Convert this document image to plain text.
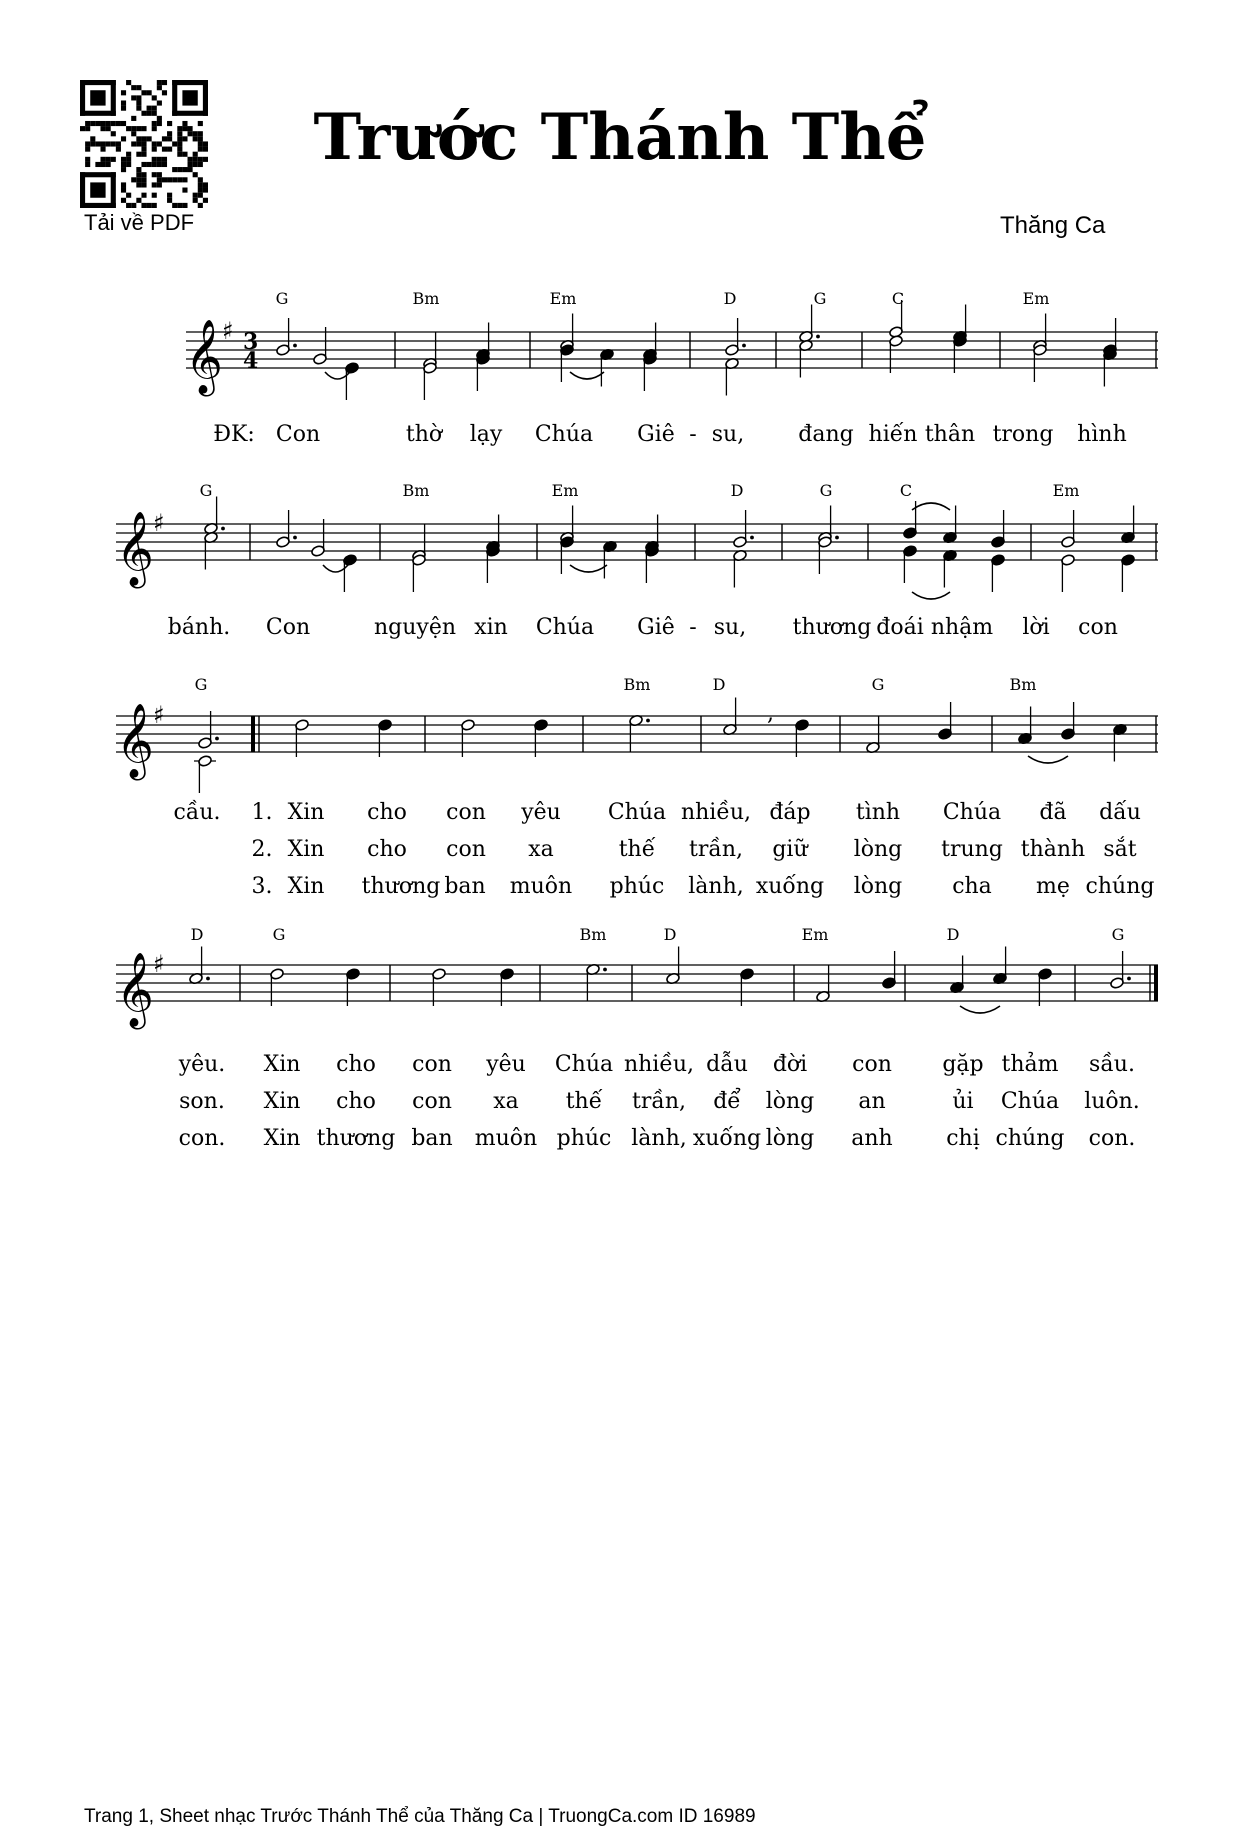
Tải về PDF
Trước Thánh Thể
Thăng Ca
𝄞 ♯ 3
4
G	Bm	Em	D	G	C	Em
ĐK: Con	thờ lạy Chúa Giê - su, đang hiến thân trong hình
𝄞 ♯
G	Bm	Em	D	G	C	Em
bánh. Con	nguyện xin Chúa Giê - su, thương đoái nhậm lời con
𝄞 ♯
G	Bm	D	G	Bm
,
cầu. 1. Xin cho con yêu Chúa nhiều, đáp tình Chúa đã dấu
2. Xin cho con xa	thế trần, giữ lòng trung thành sắt
3. Xin thương ban muôn phúc lành, xuống lòng cha mẹ chúng
𝄞 ♯
D	G	Bm	D	Em	D	G
yêu. Xin cho con yêu Chúa nhiều, dẫu đời con gặp thảm sầu.
son. Xin cho con xa thế trần, để lòng an	ủi Chúa luôn.
con. Xin thương ban muôn phúc lành, xuống lòng anh chị chúng con.
Trang 1, Sheet nhạc Trước Thánh Thể của Thăng Ca | TruongCa.com ID 16989
